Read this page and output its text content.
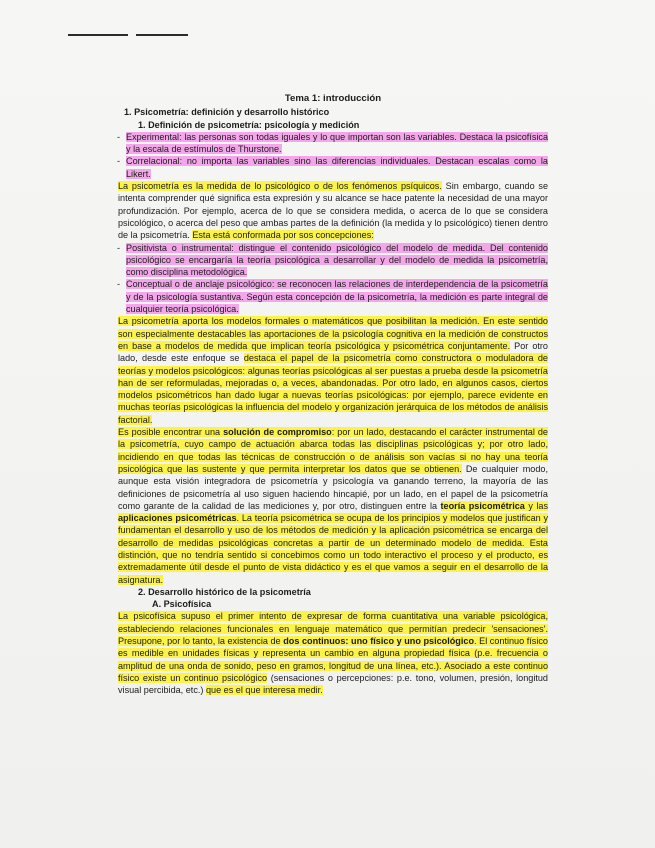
Tema 1: introducción
1. Psicometría: definición y desarrollo histórico
1. Definición de psicometría: psicología y medición
- Experimental: las personas son todas iguales y lo que importan son las variables. Destaca la psicofísica y la escala de estímulos de Thurstone.
- Correlacional: no importa las variables sino las diferencias individuales. Destacan escalas como la Likert.

La psicometría es la medida de lo psicológico o de los fenómenos psíquicos. Sin embargo, cuando se intenta comprender qué significa esta expresión y su alcance se hace patente la necesidad de una mayor profundización. Por ejemplo, acerca de lo que se considera medida, o acerca de lo que se considera psicológico, o acerca del peso que ambas partes de la definición (la medida y lo psicológico) tienen dentro de la psicometría. Esta está conformada por sos concepciones:

- Positivista o instrumental: distingue el contenido psicológico del modelo de medida. Del contenido psicológico se encargaría la teoría psicológica a desarrollar y del modelo de medida la psicometría, como disciplina metodológica.
- Conceptual o de anclaje psicológico: se reconocen las relaciones de interdependencia de la psicometría y de la psicología sustantiva. Según esta concepción de la psicometría, la medición es parte integral de cualquier teoría psicológica.

La psicometría aporta los modelos formales o matemáticos que posibilitan la medición. En este sentido son especialmente destacables las aportaciones de la psicología cognitiva en la medición de constructos en base a modelos de medida que implican teoría psicológica y psicométrica conjuntamente. Por otro lado, desde este enfoque se destaca el papel de la psicometría como constructora o moduladora de teorías y modelos psicológicos: algunas teorías psicológicas al ser puestas a prueba desde la psicometría han de ser reformuladas, mejoradas o, a veces, abandonadas. Por otro lado, en algunos casos, ciertos modelos psicométricos han dado lugar a nuevas teorías psicológicas: por ejemplo, parece evidente en muchas teorías psicológicas la influencia del modelo y organización jerárquica de los métodos de análisis factorial.

Es posible encontrar una solución de compromiso: por un lado, destacando el carácter instrumental de la psicometría, cuyo campo de actuación abarca todas las disciplinas psicológicas y; por otro lado, incidiendo en que todas las técnicas de construcción o de análisis son vacías si no hay una teoría psicológica que las sustente y que permita interpretar los datos que se obtienen. De cualquier modo, aunque esta visión integradora de psicometría y psicología va ganando terreno, la mayoría de las definiciones de psicometría al uso siguen haciendo hincapié, por un lado, en el papel de la psicometría como garante de la calidad de las mediciones y, por otro, distinguen entre la teoría psicométrica y las aplicaciones psicométricas. La teoría psicométrica se ocupa de los principios y modelos que justifican y fundamentan el desarrollo y uso de los métodos de medición y la aplicación psicométrica se encarga del desarrollo de medidas psicológicas concretas a partir de un determinado modelo de medida. Esta distinción, que no tendría sentido si concebimos como un todo interactivo el proceso y el producto, es extremadamente útil desde el punto de vista didáctico y es el que vamos a seguir en el desarrollo de la asignatura.

2. Desarrollo histórico de la psicometría
A. Psicofísica

La psicofísica supuso el primer intento de expresar de forma cuantitativa una variable psicológica, estableciendo relaciones funcionales en lenguaje matemático que permitían predecir 'sensaciones'. Presupone, por lo tanto, la existencia de dos continuos: uno físico y uno psicológico. El continuo físico es medible en unidades físicas y representa un cambio en alguna propiedad física (p.e. frecuencia o amplitud de una onda de sonido, peso en gramos, longitud de una línea, etc.). Asociado a este continuo físico existe un continuo psicológico (sensaciones o percepciones: p.e. tono, volumen, presión, longitud visual percibida, etc.) que es el que interesa medir.
